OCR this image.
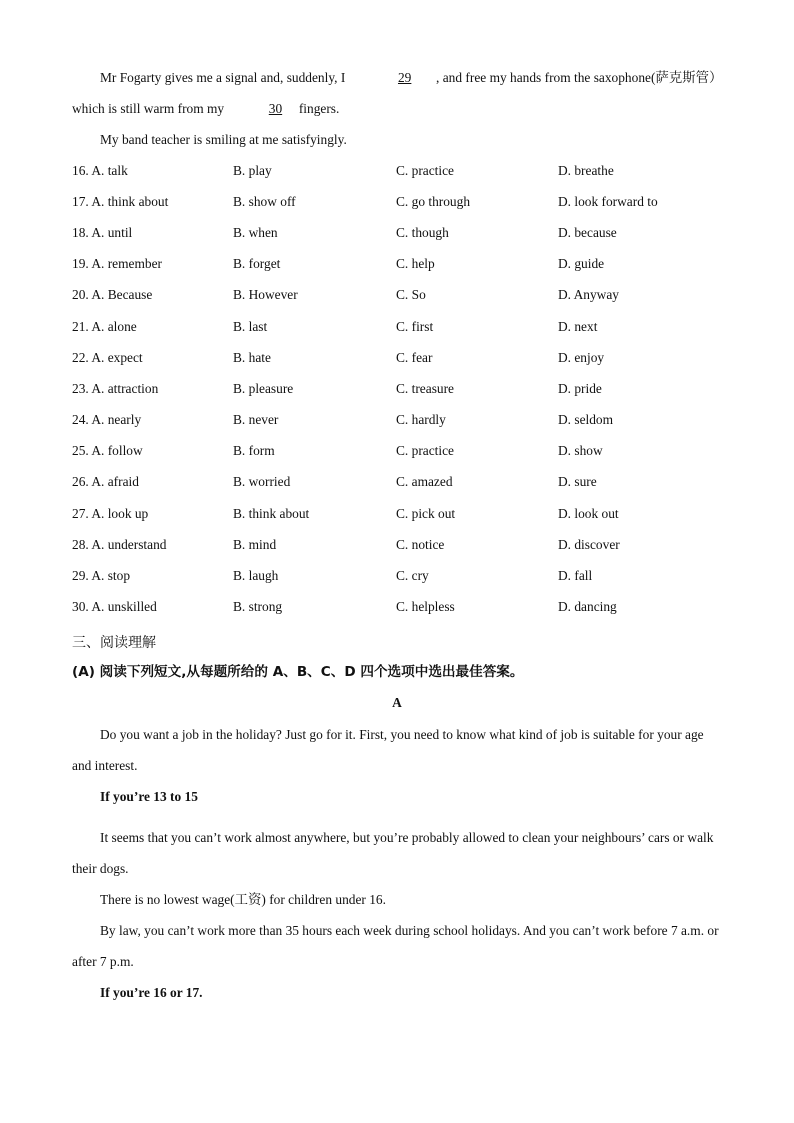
Mr Fogarty gives me a signal and, suddenly, I	29 , and free my hands from the saxophone(萨克斯管）which is still warm from my	30 fingers.

My band teacher is smiling at me satisfyingly.

16. A. talk	B. play	C. practice	D. breathe
17. A. think about	B. show off	C. go through	D. look forward to
18. A. until	B. when	C. though	D. because
19. A. remember	B. forget	C. help	D. guide
20. A. Because	B. However	C. So	D. Anyway
21. A. alone	B. last	C. first	D. next
22. A. expect	B. hate	C. fear	D. enjoy
23. A. attraction	B. pleasure	C. treasure	D. pride
24. A. nearly	B. never	C. hardly	D. seldom
25. A. follow	B. form	C. practice	D. show
26. A. afraid	B. worried	C. amazed	D. sure
27. A. look up	B. think about	C. pick out	D. look out
28. A. understand	B. mind	C. notice	D. discover
29. A. stop	B. laugh	C. cry	D. fall
30. A. unskilled	B. strong	C. helpless	D. dancing
三、阅读理解
(A) 阅读下列短文,从每题所给的 A、B、C、D 四个选项中选出最佳答案。
A

Do you want a job in the holiday? Just go for it. First, you need to know what kind of job is suitable for your age and interest.

If you’re 13 to 15

It seems that you can’t work almost anywhere, but you’re probably allowed to clean your neighbours’ cars or walk their dogs.

There is no lowest wage(工资) for children under 16.

By law, you can’t work more than 35 hours each week during school holidays. And you can’t work before 7 a.m. or after 7 p.m.

If you’re 16 or 17.
